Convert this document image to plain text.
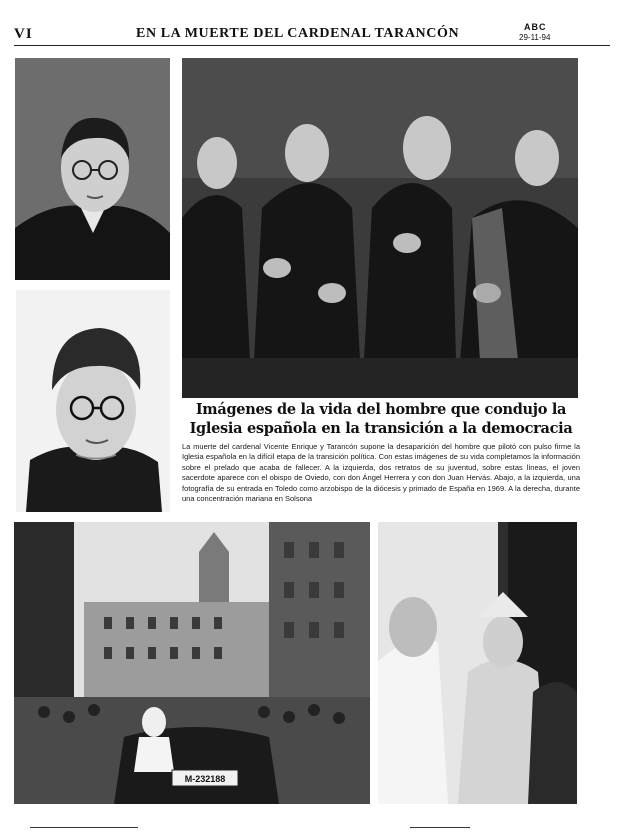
VI	EN LA MUERTE DEL CARDENAL TARANCÓN	ABC
29-11-94
Imágenes de la vida del hombre que condujo la
Iglesia española en la transición a la democracia
La muerte del cardenal Vicente Enrique y Tarancón supone la desaparición del hombre que pilotó con pulso firme la Iglesia española en la difícil etapa de la transición política. Con estas imágenes de su vida completamos la información sobre el prelado que acaba de fallecer. A la izquierda, dos retratos de su juventud, sobre estas líneas, el joven sacerdote aparece con el obispo de Oviedo, con don Ángel Herrera y con don Juan Hervás. Abajo, a la izquierda, una fotografía de su entrada en Toledo como arzobispo de la diócesis y primado de España en 1969. A la derecha, durante una concentración mariana en Solsona
M-232188
